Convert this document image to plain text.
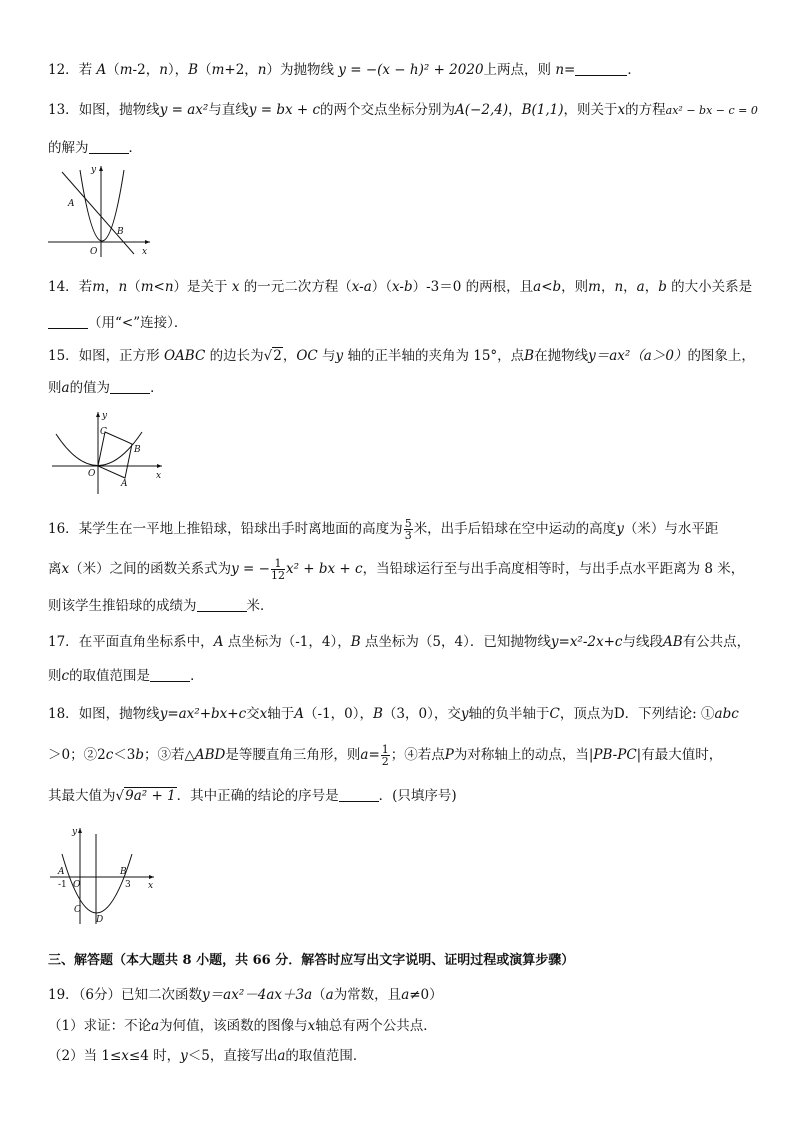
12．若 A（m-2，n），B（m+2，n）为抛物线 y = −(x − h)² + 2020上两点，则 n=	．
13．如图，抛物线y = ax²与直线y = bx + c的两个交点坐标分别为A(−2,4)，B(1,1)，则关于x的方程ax² − bx − c = 0
的解为	．
x
y
O
A
B
14．若m，n（m<n）是关于 x 的一元二次方程（x-a）（x-b）-3＝0 的两根，且a<b，则m，n，a，b 的大小关系是
（用“<”连接）．
15．如图，正方形 OABC 的边长为√2，OC 与y 轴的正半轴的夹角为 15°，点B在抛物线y＝ax²（a＞0）的图象上，
则a的值为	．
x
y
O
A
B
C
16．某学生在一平地上推铅球，铅球出手时离地面的高度为 $\frac{5}{3}$ 米，出手后铅球在空中运动的高度y（米）与水平距
离x（米）之间的函数关系式为y = − $\frac{1}{12} x^2$ + bx + c，当铅球运行至与出手高度相等时，与出手点水平距离为 8 米，
则该学生推铅球的成绩为	米．
17．在平面直角坐标系中，A 点坐标为（-1，4），B 点坐标为（5，4）．已知抛物线y=x²-2x+c与线段AB有公共点，
则c的取值范围是	．
18．如图，抛物线y=ax²+bx+c交x轴于A（-1，0），B（3，0），交y轴的负半轴于C，顶点为D．下列结论: ①abc
＞0；②2c＜3b；③若△ABD是等腰直角三角形，则$a= \frac{1}{2}$ ；④若点P为对称轴上的动点，当|PB-PC|有最大值时，
其最大值为√9a² + 1．其中正确的结论的序号是	．(只填序号)
x
y
O
A	B
C
D
-1	3
三、解答题（本大题共 8 小题，共 66 分．解答时应写出文字说明、证明过程或演算步骤）
19．（6分）已知二次函数y＝ax²－4ax＋3a（a为常数，且a≠0）
（1）求证：不论a为何值，该函数的图像与x轴总有两个公共点．
（2）当 1≤x≤4 时，y＜5，直接写出a的取值范围．
